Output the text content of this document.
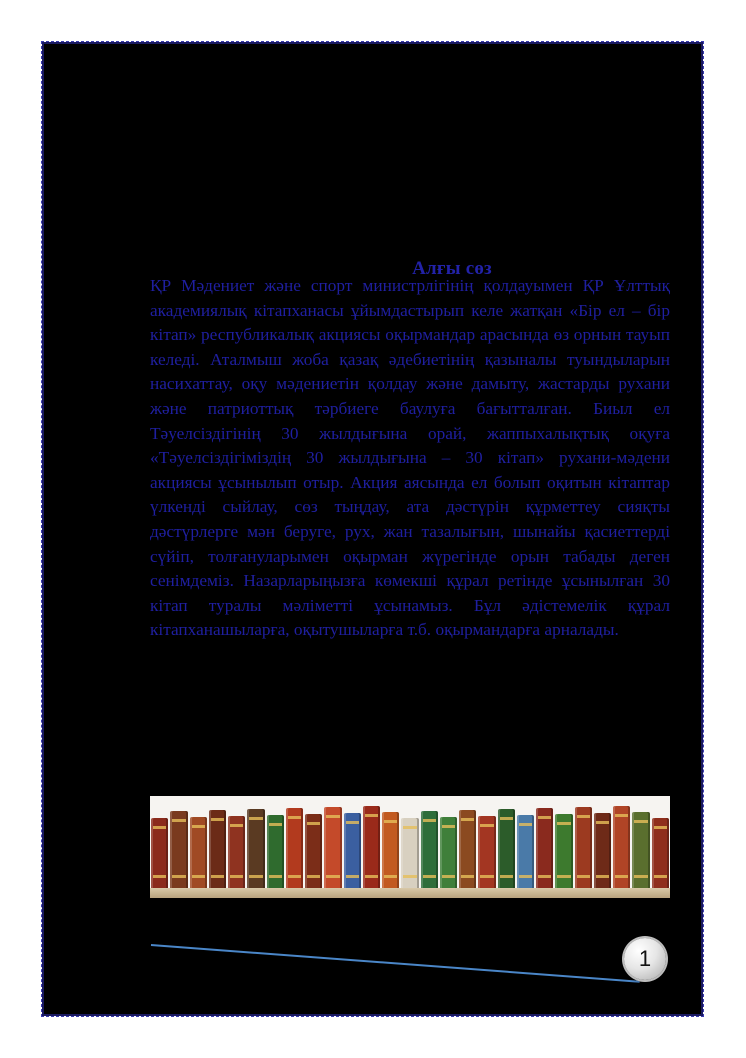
Алғы сөз
ҚР Мәдениет және спорт министрлігінің қолдауымен ҚР Ұлттық академиялық кітапханасы ұйымдастырып келе жатқан «Бір ел – бір кітап» республикалық акциясы оқырмандар арасында өз орнын тауып келеді. Аталмыш жоба қазақ әдебиетінің қазыналы туындыларын насихаттау, оқу мәдениетін қолдау және дамыту, жастарды рухани және патриоттық тәрбиеге баулуға бағытталған. Биыл ел Тәуелсіздігінің 30 жылдығына орай, жаппыхалықтық оқуға «Тәуелсіздігіміздің 30 жылдығына – 30 кітап» рухани-мәдени акциясы ұсынылып отыр. Акция аясында ел болып оқитын кітаптар үлкенді сыйлау, сөз тыңдау, ата дәстүрін құрметтеу сияқты дәстүрлерге мән беруге, рух, жан тазалығын, шынайы қасиеттерді сүйіп, толғануларымен оқырман жүрегінде орын табады деген сенімдеміз. Назарларыңызға көмекші құрал ретінде ұсынылған 30 кітап туралы мәліметті ұсынамыз. Бұл әдістемелік құрал кітапханашыларға, оқытушыларға т.б. оқырмандарға арналады.
1
